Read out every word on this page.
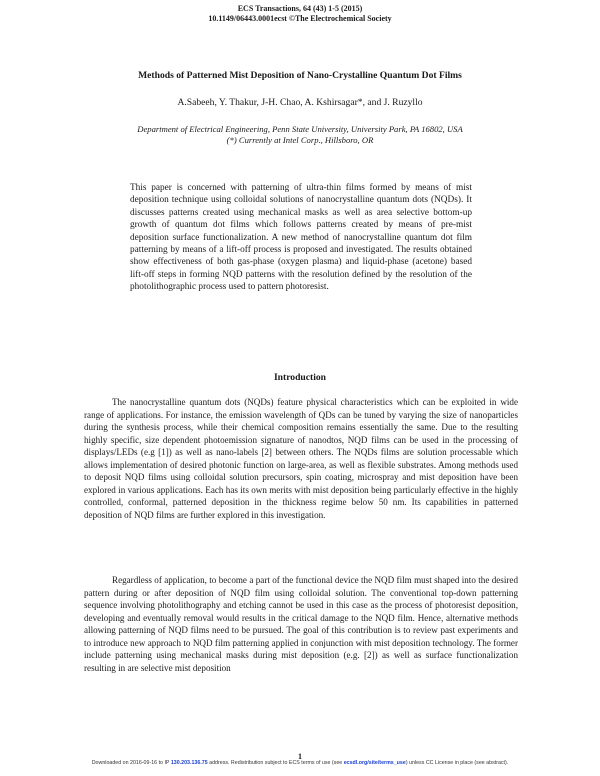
ECS Transactions, 64 (43) 1-5 (2015)
10.1149/06443.0001ecst ©The Electrochemical Society
Methods of Patterned Mist Deposition of Nano-Crystalline Quantum Dot Films
A.Sabeeh, Y. Thakur, J-H. Chao, A. Kshirsagar*, and J. Ruzyllo
Department of Electrical Engineering, Penn State University, University Park, PA 16802, USA
(*) Currently at Intel Corp., Hillsboro, OR

This paper is concerned with patterning of ultra-thin films formed by means of mist deposition technique using colloidal solutions of nanocrystalline quantum dots (NQDs). It discusses patterns created using mechanical masks as well as area selective bottom-up growth of quantum dot films which follows patterns created by means of pre-mist deposition surface functionalization. A new method of nanocrystalline quantum dot film patterning by means of a lift-off process is proposed and investigated. The results obtained show effectiveness of both gas-phase (oxygen plasma) and liquid-phase (acetone) based lift-off steps in forming NQD patterns with the resolution defined by the resolution of the photolithographic process used to pattern photoresist.

Introduction

The nanocrystalline quantum dots (NQDs) feature physical characteristics which can be exploited in wide range of applications. For instance, the emission wavelength of QDs can be tuned by varying the size of nanoparticles during the synthesis process, while their chemical composition remains essentially the same. Due to the resulting highly specific, size dependent photoemission signature of nanodtos, NQD films can be used in the processing of displays/LEDs (e.g [1]) as well as nano-labels [2] between others. The NQDs films are solution processable which allows implementation of desired photonic function on large-area, as well as flexible substrates. Among methods used to deposit NQD films using colloidal solution precursors, spin coating, microspray and mist deposition have been explored in various applications. Each has its own merits with mist deposition being particularly effective in the highly controlled, conformal, patterned deposition in the thickness regime below 50 nm. Its capabilities in patterned deposition of NQD films are further explored in this investigation.

Regardless of application, to become a part of the functional device the NQD film must shaped into the desired pattern during or after deposition of NQD film using colloidal solution. The conventional top-down patterning sequence involving photolithography and etching cannot be used in this case as the process of photoresist deposition, developing and eventually removal would results in the critical damage to the NQD film. Hence, alternative methods allowing patterning of NQD films need to be pursued. The goal of this contribution is to review past experiments and to introduce new approach to NQD film patterning applied in conjunction with mist deposition technology. The former include patterning using mechanical masks during mist deposition (e.g. [2]) as well as surface functionalization resulting in are selective mist deposition

1
Downloaded on 2016-09-16 to IP 130.203.136.75 address. Redistribution subject to ECS terms of use (see ecsdl.org/site/terms_use) unless CC License in place (see abstract).
